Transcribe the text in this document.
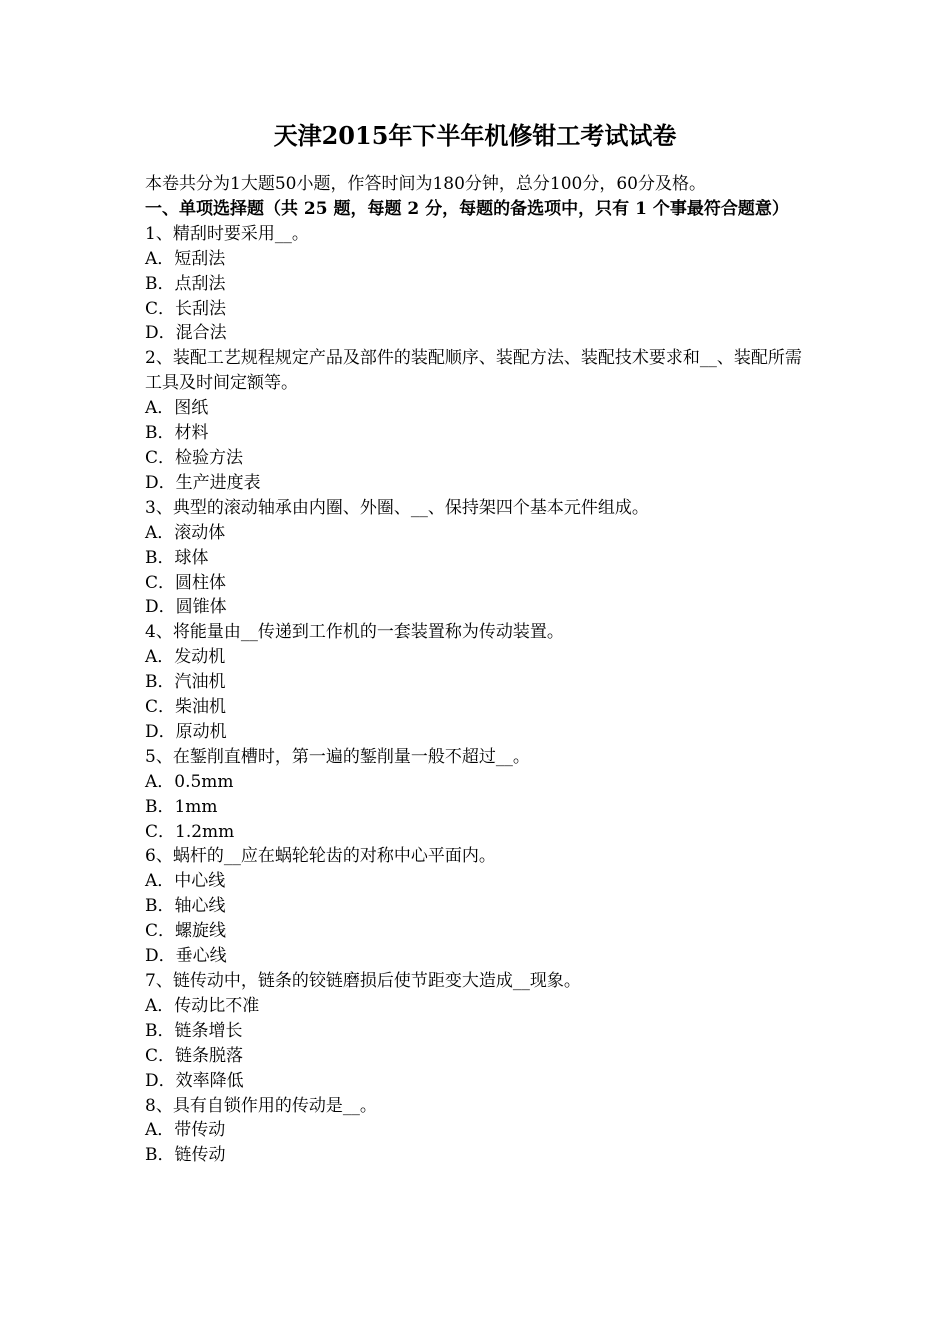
天津2015年下半年机修钳工考试试卷
本卷共分为1大题50小题，作答时间为180分钟，总分100分，60分及格。
一、单项选择题（共 25 题，每题 2 分，每题的备选项中，只有 1 个事最符合题意）
1、精刮时要采用__。
A．短刮法
B．点刮法
C．长刮法
D．混合法
2、装配工艺规程规定产品及部件的装配顺序、装配方法、装配技术要求和__、装配所需工具及时间定额等。
A．图纸
B．材料
C．检验方法
D．生产进度表
3、典型的滚动轴承由内圈、外圈、__、保持架四个基本元件组成。
A．滚动体
B．球体
C．圆柱体
D．圆锥体
4、将能量由__传递到工作机的一套装置称为传动装置。
A．发动机
B．汽油机
C．柴油机
D．原动机
5、在錾削直槽时，第一遍的錾削量一般不超过__。
A．0.5mm
B．1mm
C．1.2mm
6、蜗杆的__应在蜗轮轮齿的对称中心平面内。
A．中心线
B．轴心线
C．螺旋线
D．垂心线
7、链传动中，链条的铰链磨损后使节距变大造成__现象。
A．传动比不准
B．链条增长
C．链条脱落
D．效率降低
8、具有自锁作用的传动是__。
A．带传动
B．链传动
